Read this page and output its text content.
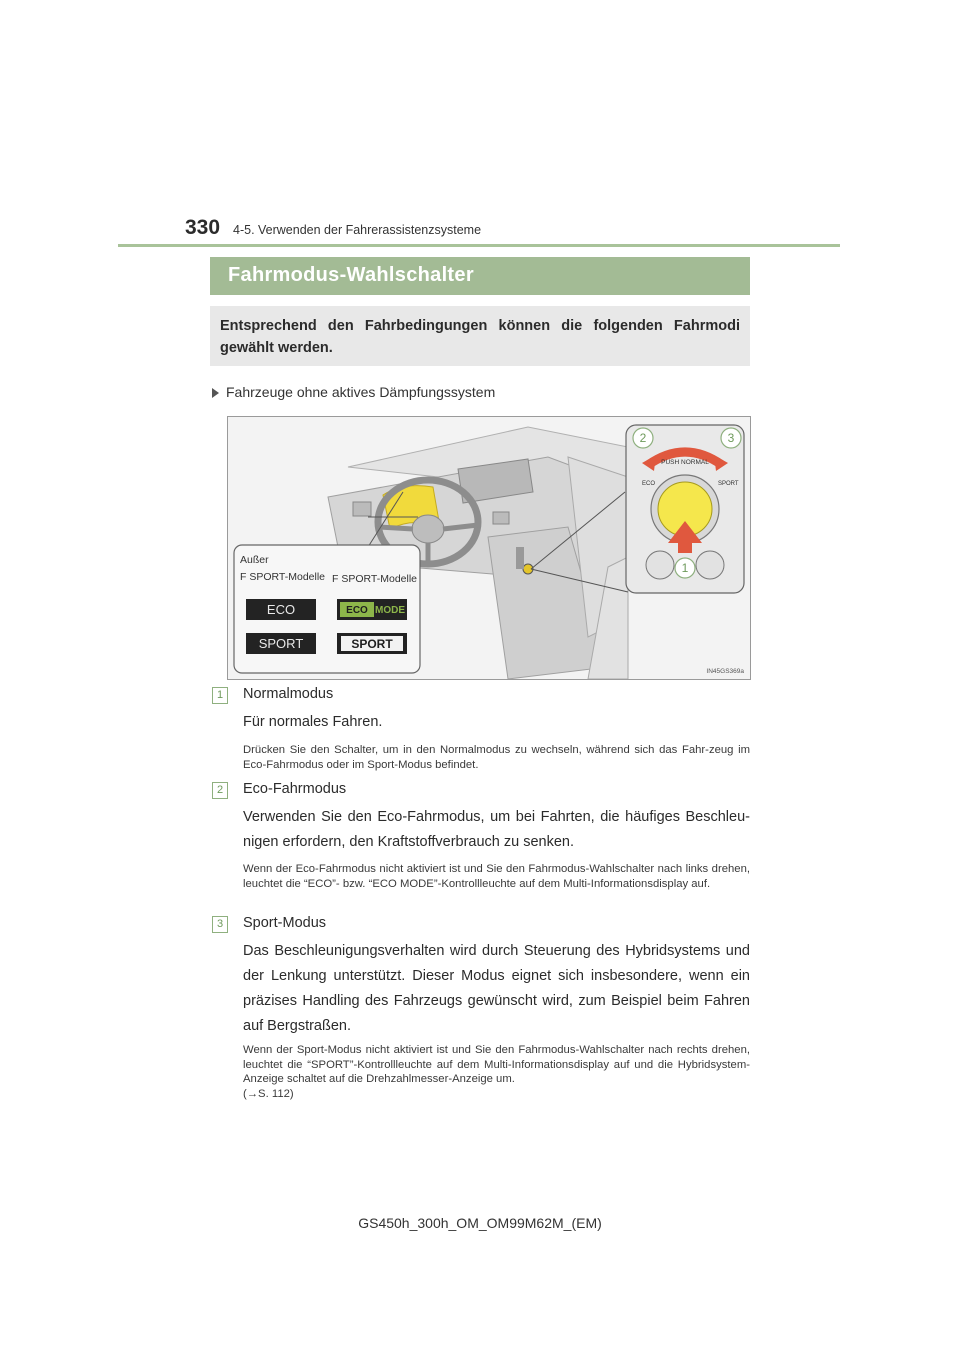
330 4-5. Verwenden der Fahrerassistenzsysteme
Fahrmodus-Wahlschalter
Entsprechend den Fahrbedingungen können die folgenden Fahrmodi gewählt werden.
Fahrzeuge ohne aktives Dämpfungssystem
Außer
F SPORT-Modelle F SPORT-Modelle
ECO
SPORT
ECO MODE
SPORT
PUSH NORMAL
ECO	SPORT
2	3
1
IN45GS369a
1	Normalmodus
Für normales Fahren.
Drücken Sie den Schalter, um in den Normalmodus zu wechseln, während sich das Fahr-zeug im Eco-Fahrmodus oder im Sport-Modus befindet.
2	Eco-Fahrmodus
Verwenden Sie den Eco-Fahrmodus, um bei Fahrten, die häufiges Beschleu-nigen erfordern, den Kraftstoffverbrauch zu senken.
Wenn der Eco-Fahrmodus nicht aktiviert ist und Sie den Fahrmodus-Wahlschalter nach links drehen, leuchtet die “ECO”- bzw. “ECO MODE”-Kontrollleuchte auf dem Multi-Informationsdisplay auf.
3	Sport-Modus
Das Beschleunigungsverhalten wird durch Steuerung des Hybridsystems und der Lenkung unterstützt. Dieser Modus eignet sich insbesondere, wenn ein präzises Handling des Fahrzeugs gewünscht wird, zum Beispiel beim Fahren auf Bergstraßen.
Wenn der Sport-Modus nicht aktiviert ist und Sie den Fahrmodus-Wahlschalter nach rechts drehen, leuchtet die “SPORT”-Kontrollleuchte auf dem Multi-Informationsdisplay auf und die Hybridsystem-Anzeige schaltet auf die Drehzahlmesser-Anzeige um.
(→S. 112)
GS450h_300h_OM_OM99M62M_(EM)
